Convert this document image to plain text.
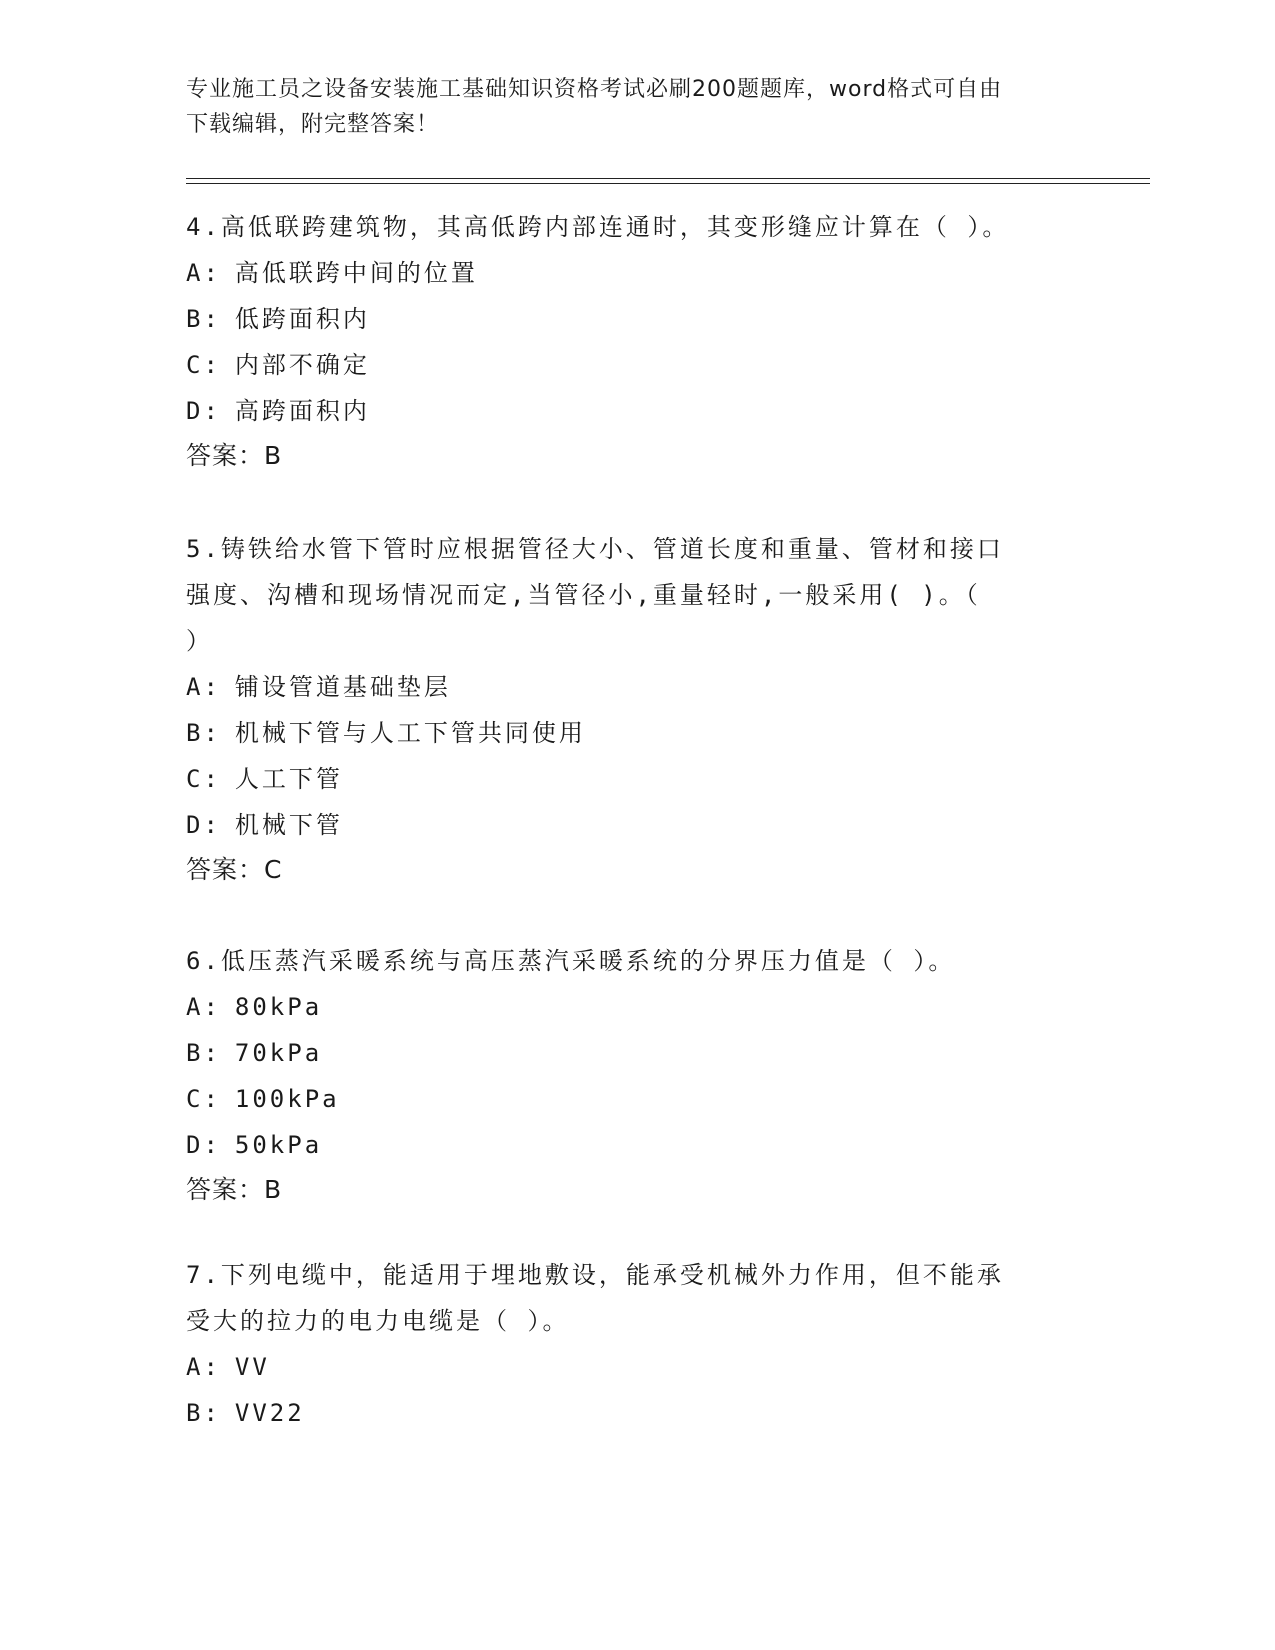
专业施工员之设备安装施工基础知识资格考试必刷200题题库，word格式可自由
下载编辑，附完整答案！

4.高低联跨建筑物，其高低跨内部连通时，其变形缝应计算在（ ）。

A: 高低联跨中间的位置

B: 低跨面积内

C: 内部不确定

D: 高跨面积内

答案：B

5.铸铁给水管下管时应根据管径大小、管道长度和重量、管材和接口

强度、沟槽和现场情况而定,当管径小,重量轻时,一般采用( )。（

）

A: 铺设管道基础垫层

B: 机械下管与人工下管共同使用

C: 人工下管

D: 机械下管

答案：C

6.低压蒸汽采暖系统与高压蒸汽采暖系统的分界压力值是（ ）。

A: 80kPa

B: 70kPa

C: 100kPa

D: 50kPa

答案：B

7.下列电缆中，能适用于埋地敷设，能承受机械外力作用，但不能承

受大的拉力的电力电缆是（ ）。

A: VV

B: VV22
